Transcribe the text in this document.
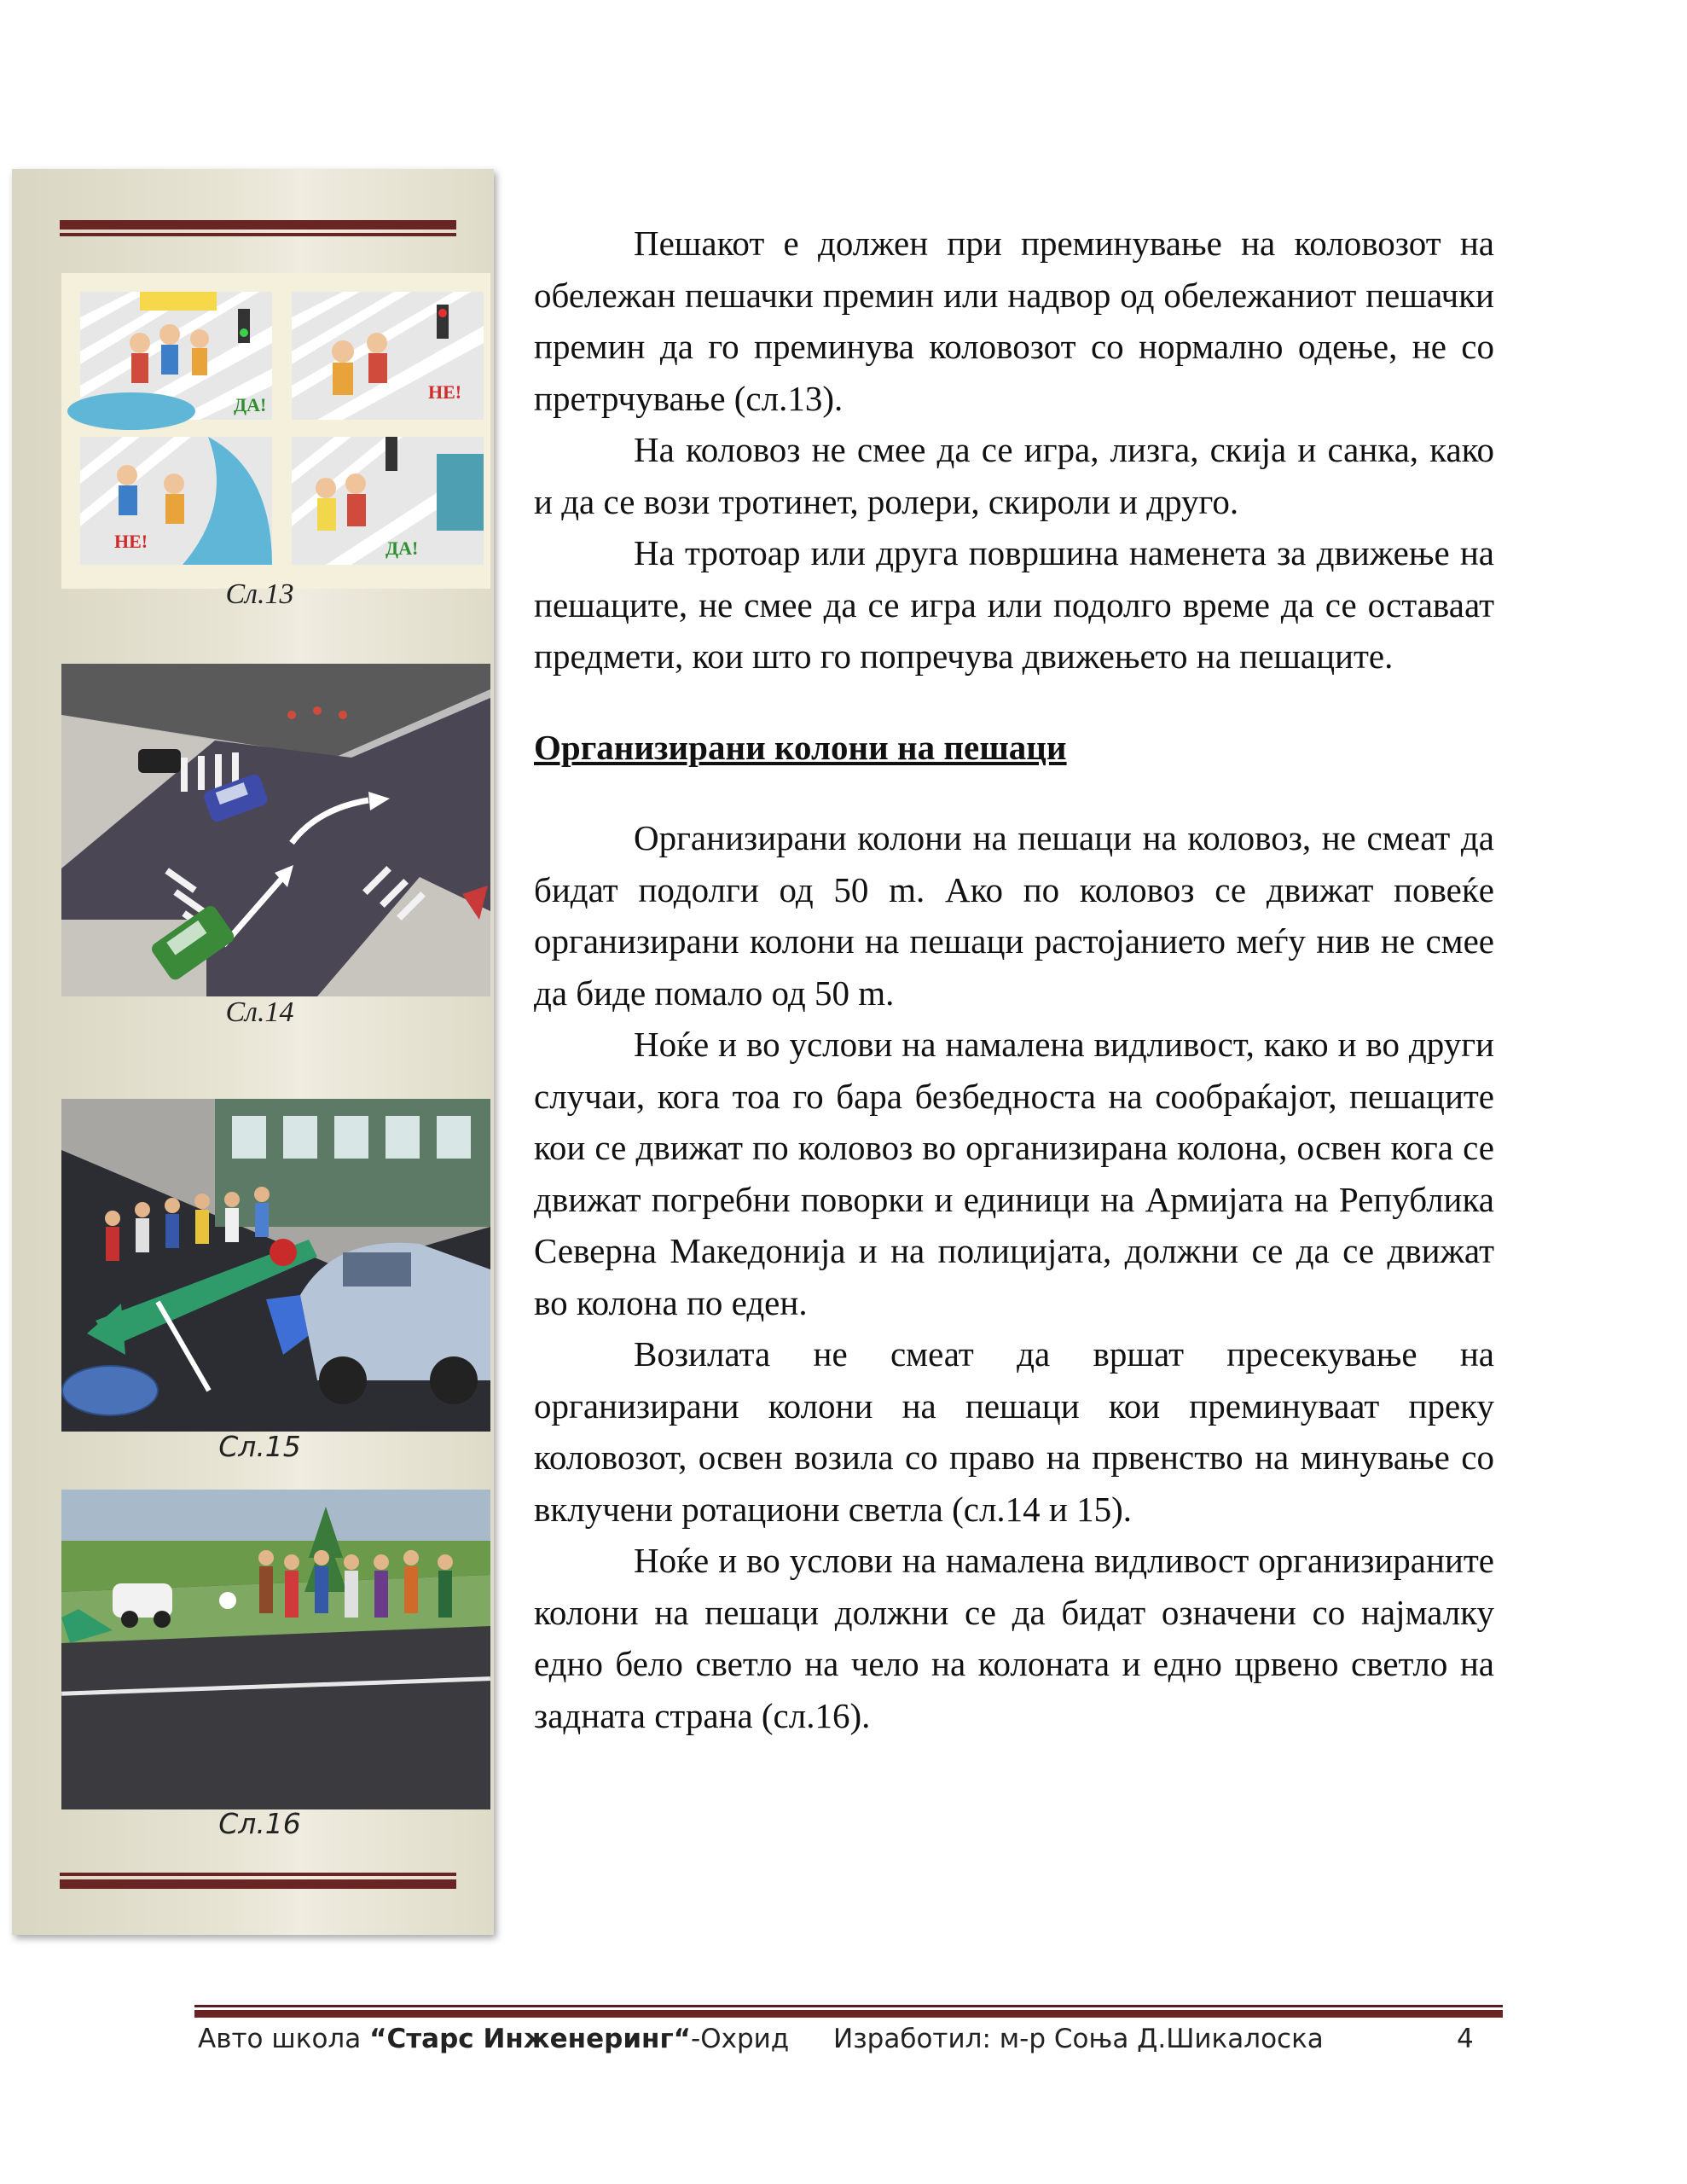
ДА!
НЕ!
НЕ!	ДА!
Сл.13
Сл.14
Сл.15
Сл.16

Пешакот е должен при преминување на коловозот на обележан пешачки премин или надвор од обележаниот пешачки премин да го преминува коловозот со нормално одење, не со претрчување (сл.13).

На коловоз не смее да се игра, лизга, скија и санка, како и да се вози тротинет, ролери, скироли и друго.

На тротоар или друга површина наменета за движење на пешаците, не смее да се игра или подолго време да се оставаат предмети, кои што го попречува движењето на пешаците.

Организирани колони на пешаци

Организирани колони на пешаци на коловоз, не смеат да бидат подолги од 50 m. Ако по коловоз се движат повеќе организирани колони на пешаци растојанието меѓу нив не смее да биде помало од 50 m.

Ноќе и во услови на намалена видливост, како и во други случаи, кога тоа го бара безбедноста на сообраќајот, пешаците кои се движат по коловоз во организирана колона, освен кога се движат погребни поворки и единици на Армијата на Република Северна Македонија и на полицијата, должни се да се движат во колона по еден.

Возилата не смеат да вршат пресекување на организирани колони на пешаци кои преминуваат преку коловозот, освен возила со право на првенство на минување со вклучени ротациони светла (сл.14 и 15).

Ноќе и во услови на намалена видливост организираните колони на пешаци должни се да бидат означени со најмалку едно бело светло на чело на колоната и едно црвено светло на задната страна (сл.16).

Авто школа “Старс Инженеринг“-Охрид Изработил: м-р Соња Д.Шикалоска	4
